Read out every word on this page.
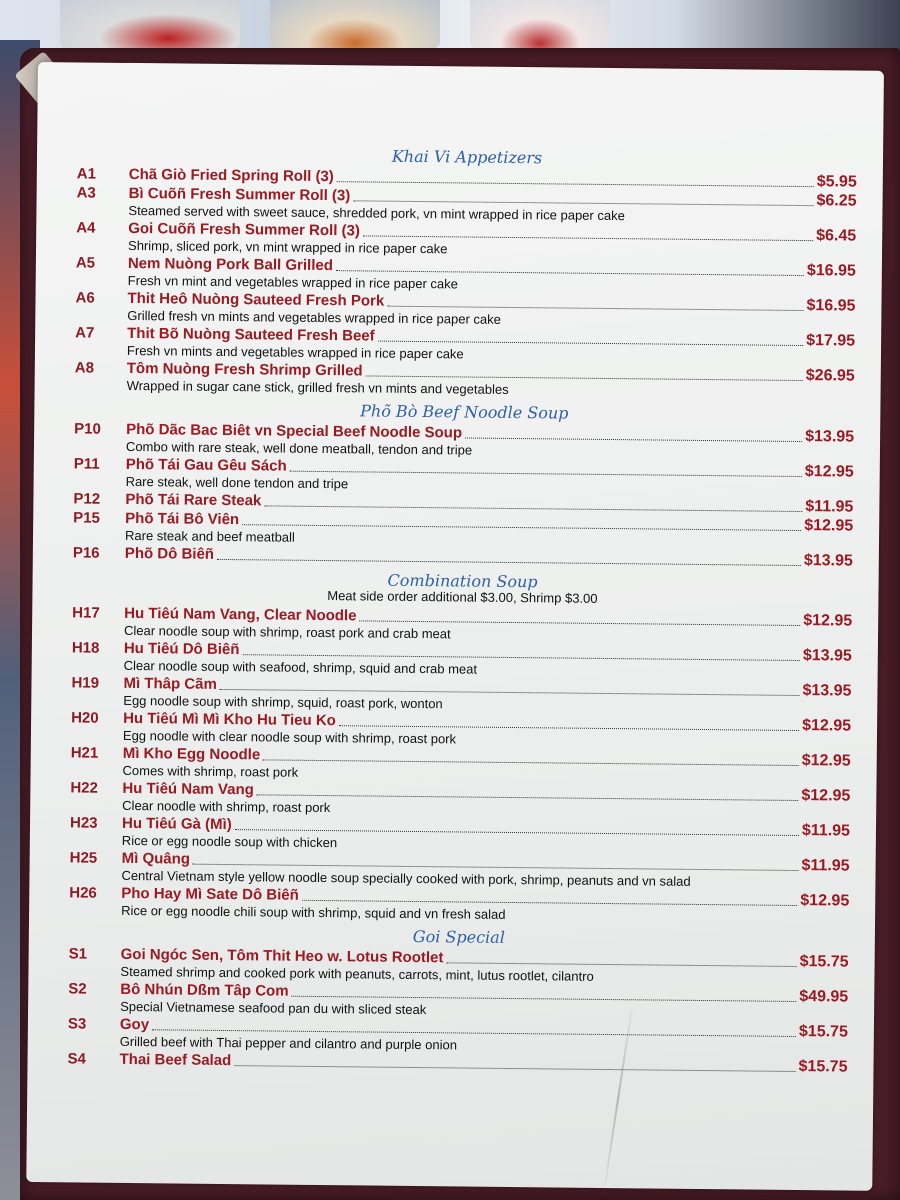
Khai Vi Appetizers
A1	Chã Giò Fried Spring Roll (3)	$5.95
A3	Bì Cuõñ Fresh Summer Roll (3)	$6.25
Steamed served with sweet sauce, shredded pork, vn mint wrapped in rice paper cake
A4	Goi Cuõñ Fresh Summer Roll (3)	$6.45
Shrimp, sliced pork, vn mint wrapped in rice paper cake
A5	Nem Nuòng Pork Ball Grilled	$16.95
Fresh vn mint and vegetables wrapped in rice paper cake
A6	Thit Heô Nuòng Sauteed Fresh Pork	$16.95
Grilled fresh vn mints and vegetables wrapped in rice paper cake
A7	Thit Bõ Nuòng Sauteed Fresh Beef	$17.95
Fresh vn mints and vegetables wrapped in rice paper cake
A8	Tôm Nuòng Fresh Shrimp Grilled	$26.95
Wrapped in sugar cane stick, grilled fresh vn mints and vegetables
Phõ Bò Beef Noodle Soup
P10	Phõ Dãc Bac Biêt vn Special Beef Noodle Soup	$13.95
Combo with rare steak, well done meatball, tendon and tripe
P11	Phõ Tái Gau Gêu Sách	$12.95
Rare steak, well done tendon and tripe
P12	Phõ Tái Rare Steak	$11.95
P15	Phõ Tái Bô Viên	$12.95
Rare steak and beef meatball
P16	Phõ Dô Biêñ	$13.95
Combination Soup
Meat side order additional $3.00, Shrimp $3.00
H17	Hu Tiêú Nam Vang, Clear Noodle	$12.95
Clear noodle soup with shrimp, roast pork and crab meat
H18	Hu Tiêú Dô Biêñ	$13.95
Clear noodle soup with seafood, shrimp, squid and crab meat
H19	Mì Thâp Cãm	$13.95
Egg noodle soup with shrimp, squid, roast pork, wonton
H20	Hu Tiêú Mì Mì Kho Hu Tieu Ko	$12.95
Egg noodle with clear noodle soup with shrimp, roast pork
H21	Mì Kho Egg Noodle	$12.95
Comes with shrimp, roast pork
H22	Hu Tiêú Nam Vang	$12.95
Clear noodle with shrimp, roast pork
H23	Hu Tiêú Gà (Mì)	$11.95
Rice or egg noodle soup with chicken
H25	Mì Quâng	$11.95
Central Vietnam style yellow noodle soup specially cooked with pork, shrimp, peanuts and vn salad
H26	Pho Hay Mì Sate Dô Biêñ	$12.95
Rice or egg noodle chili soup with shrimp, squid and vn fresh salad
Goi Special
S1	Goi Ngóc Sen, Tôm Thit Heo w. Lotus Rootlet	$15.75
Steamed shrimp and cooked pork with peanuts, carrots, mint, lutus rootlet, cilantro
S2	Bô Nhún Dßm Tâp Com	$49.95
Special Vietnamese seafood pan du with sliced steak
S3	Goy	$15.75
Grilled beef with Thai pepper and cilantro and purple onion
S4	Thai Beef Salad	$15.75
